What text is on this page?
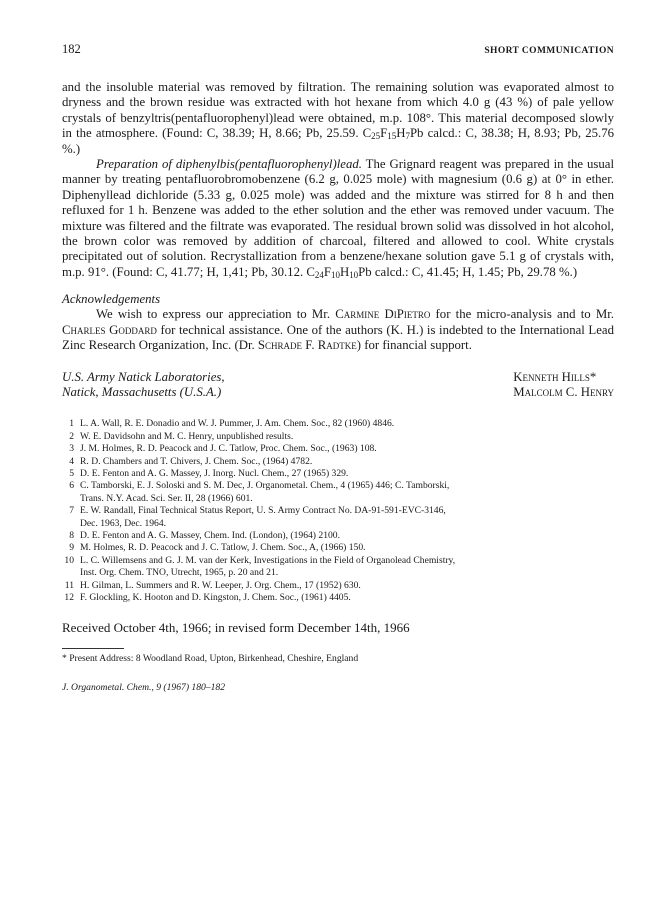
182	SHORT COMMUNICATION

and the insoluble material was removed by filtration. The remaining solution was evaporated almost to dryness and the brown residue was extracted with hot hexane from which 4.0 g (43 %) of pale yellow crystals of benzyltris(pentafluorophenyl)lead were obtained, m.p. 108°. This material decomposed slowly in the atmosphere. (Found: C, 38.39; H, 8.66; Pb, 25.59. $C_{25}F_{15}H_7Pb$ calcd.: C, 38.38; H, 8.93; Pb, 25.76 %.)

Preparation of diphenylbis(pentafluorophenyl)lead. The Grignard reagent was prepared in the usual manner by treating pentafluorobromobenzene (6.2 g, 0.025 mole) with magnesium (0.6 g) at 0° in ether. Diphenyllead dichloride (5.33 g, 0.025 mole) was added and the mixture was stirred for 8 h and then refluxed for 1 h. Benzene was added to the ether solution and the ether was removed under vacuum. The mixture was filtered and the filtrate was evaporated. The residual brown solid was dissolved in hot alcohol, the brown color was removed by addition of charcoal, filtered and allowed to cool. White crystals precipitated out of solution. Recrystallization from a benzene/hexane solution gave 5.1 g of crystals with, m.p. 91°. (Found: C, 41.77; H, 1,41; Pb, 30.12. $C_{24}F_{10}H_{10}Pb$ calcd.: C, 41.45; H, 1.45; Pb, 29.78 %.)

Acknowledgements

We wish to express our appreciation to Mr. Carmine DiPietro for the micro-analysis and to Mr. Charles Goddard for technical assistance. One of the authors (K. H.) is indebted to the International Lead Zinc Research Organization, Inc. (Dr. Schrade F. Radtke) for financial support.

U.S. Army Natick Laboratories,
Natick, Massachusetts (U.S.A.)
Kenneth Hills*
Malcolm C. Henry
1 L. A. Wall, R. E. Donadio and W. J. Pummer, J. Am. Chem. Soc., 82 (1960) 4846.
2 W. E. Davidsohn and M. C. Henry, unpublished results.
3 J. M. Holmes, R. D. Peacock and J. C. Tatlow, Proc. Chem. Soc., (1963) 108.
4 R. D. Chambers and T. Chivers, J. Chem. Soc., (1964) 4782.
5 D. E. Fenton and A. G. Massey, J. Inorg. Nucl. Chem., 27 (1965) 329.
6 C. Tamborski, E. J. Soloski and S. M. Dec, J. Organometal. Chem., 4 (1965) 446; C. Tamborski,
Trans. N.Y. Acad. Sci. Ser. II, 28 (1966) 601.
7 E. W. Randall, Final Technical Status Report, U. S. Army Contract No. DA-91-591-EVC-3146,
Dec. 1963, Dec. 1964.
8 D. E. Fenton and A. G. Massey, Chem. Ind. (London), (1964) 2100.
9 M. Holmes, R. D. Peacock and J. C. Tatlow, J. Chem. Soc., A, (1966) 150.
10 L. C. Willemsens and G. J. M. van der Kerk, Investigations in the Field of Organolead Chemistry,
Inst. Org. Chem. TNO, Utrecht, 1965, p. 20 and 21.
11 H. Gilman, L. Summers and R. W. Leeper, J. Org. Chem., 17 (1952) 630.
12 F. Glockling, K. Hooton and D. Kingston, J. Chem. Soc., (1961) 4405.
Received October 4th, 1966; in revised form December 14th, 1966
* Present Address: 8 Woodland Road, Upton, Birkenhead, Cheshire, England
J. Organometal. Chem., 9 (1967) 180–182
